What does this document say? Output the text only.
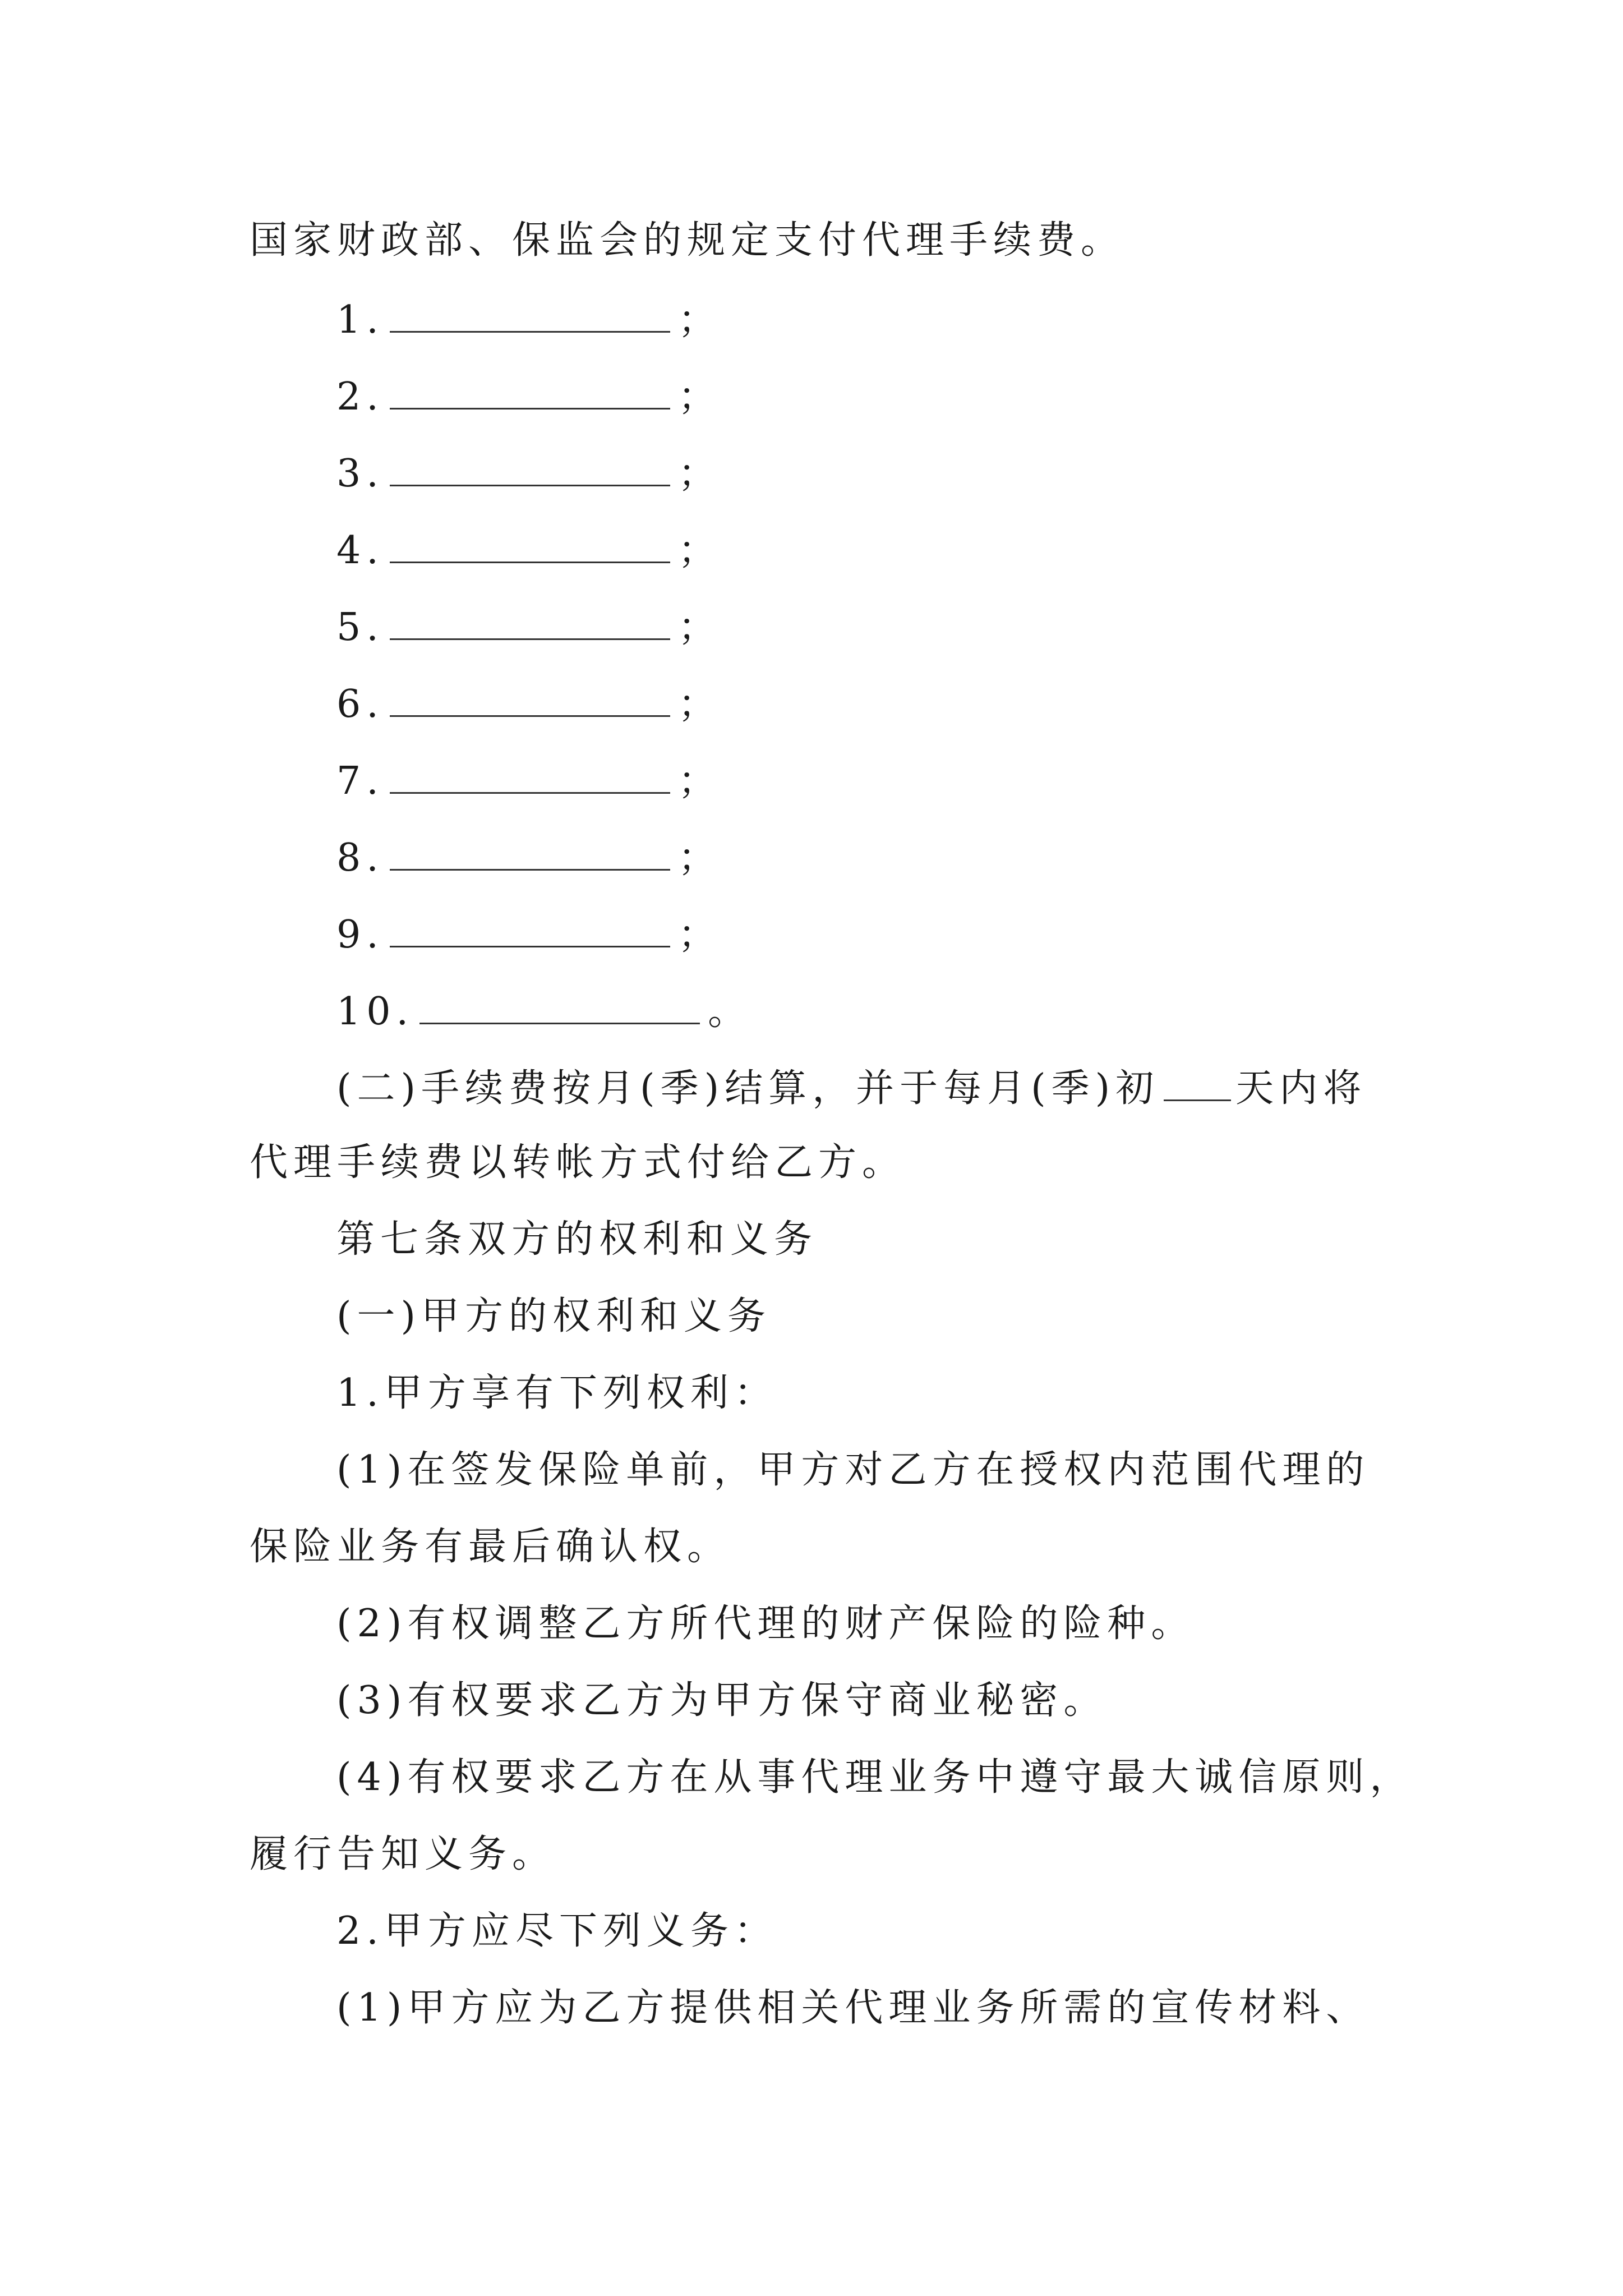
国家财政部、保监会的规定支付代理手续费。
1.	；
2.	；
3.	；
4.	；
5.	；
6.	；
7.	；
8.	；
9.	；
10.	。
(二)手续费按月(季)结算，并于每月(季)初 天内将
代理手续费以转帐方式付给乙方。
第七条双方的权利和义务
(一)甲方的权利和义务
1.甲方享有下列权利：
(1)在签发保险单前，甲方对乙方在授权内范围代理的
保险业务有最后确认权。
(2)有权调整乙方所代理的财产保险的险种。
(3)有权要求乙方为甲方保守商业秘密。
(4)有权要求乙方在从事代理业务中遵守最大诚信原则，
履行告知义务。
2.甲方应尽下列义务：
(1)甲方应为乙方提供相关代理业务所需的宣传材料、
